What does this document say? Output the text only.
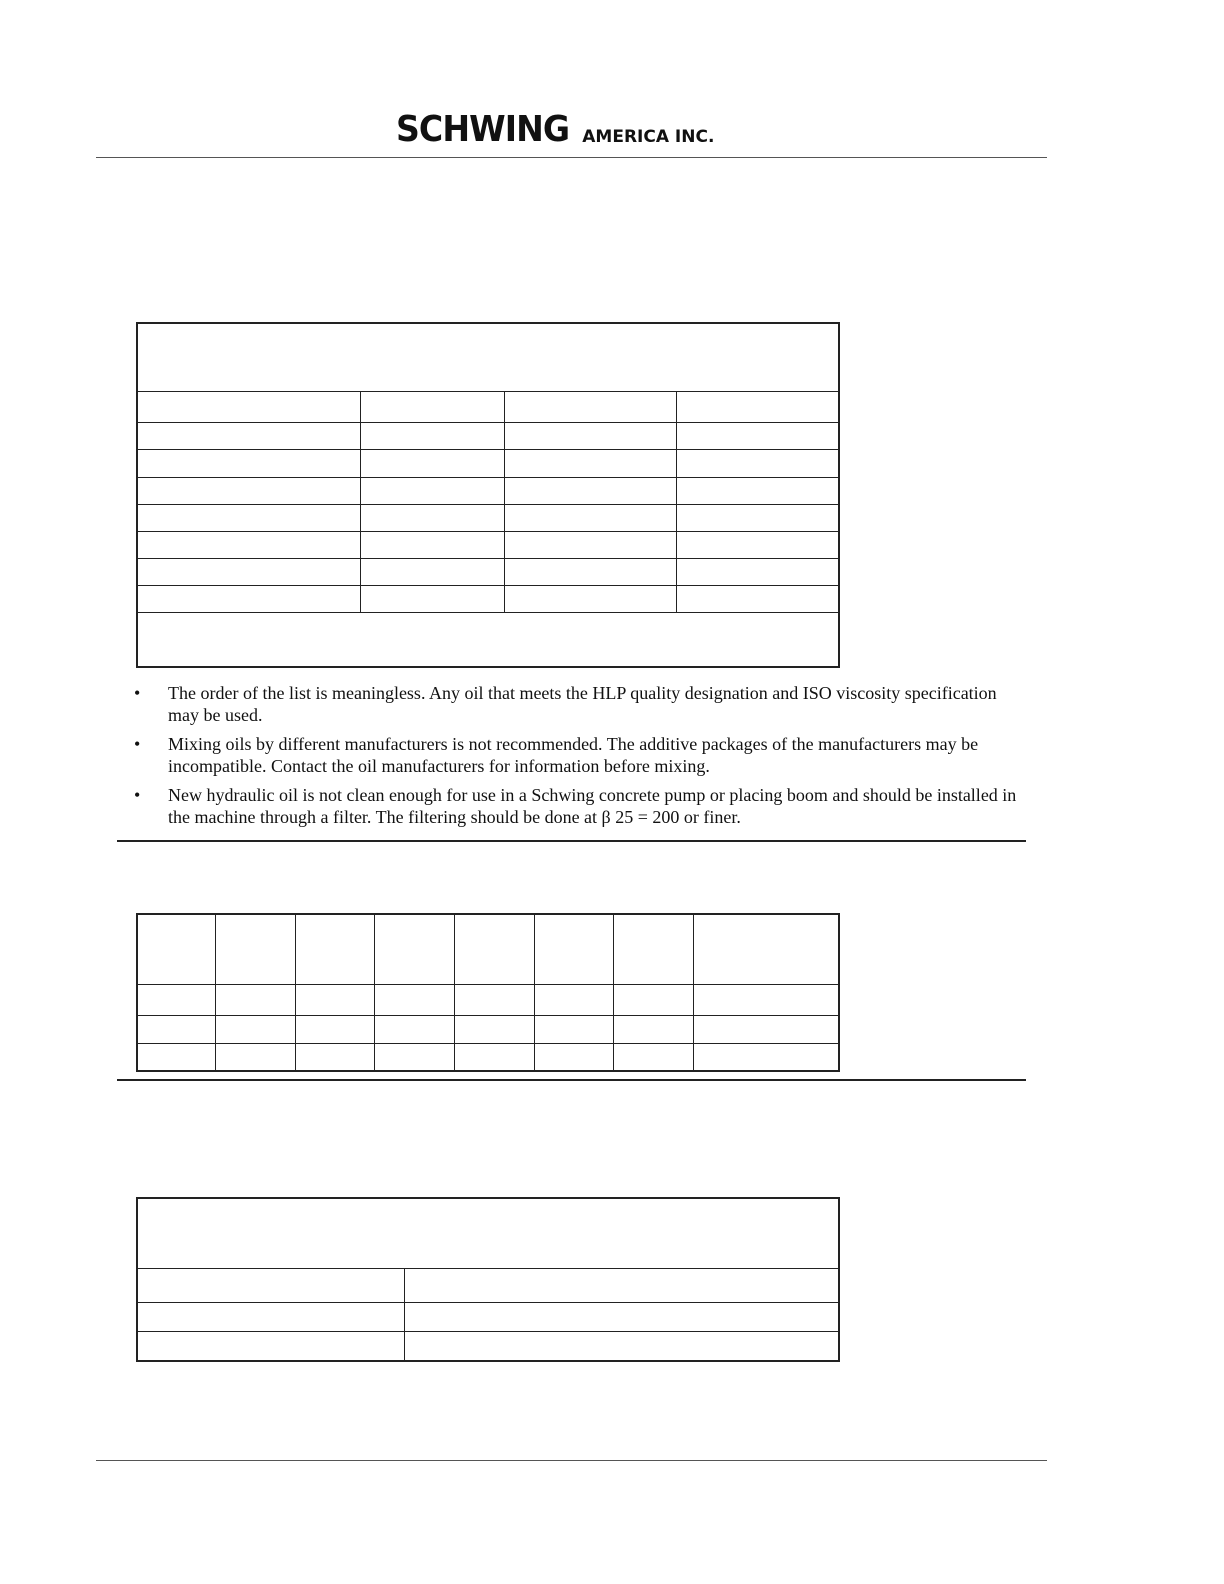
SCHWING AMERICA INC.

• The order of the list is meaningless. Any oil that meets the HLP quality designation and ISO viscosity specification may be used.
• Mixing oils by different manufacturers is not recommended. The additive packages of the manufacturers may be incompatible. Contact the oil manufacturers for information before mixing.
• New hydraulic oil is not clean enough for use in a Schwing concrete pump or placing boom and should be installed in the machine through a filter. The filtering should be done at β 25 = 200 or finer.
